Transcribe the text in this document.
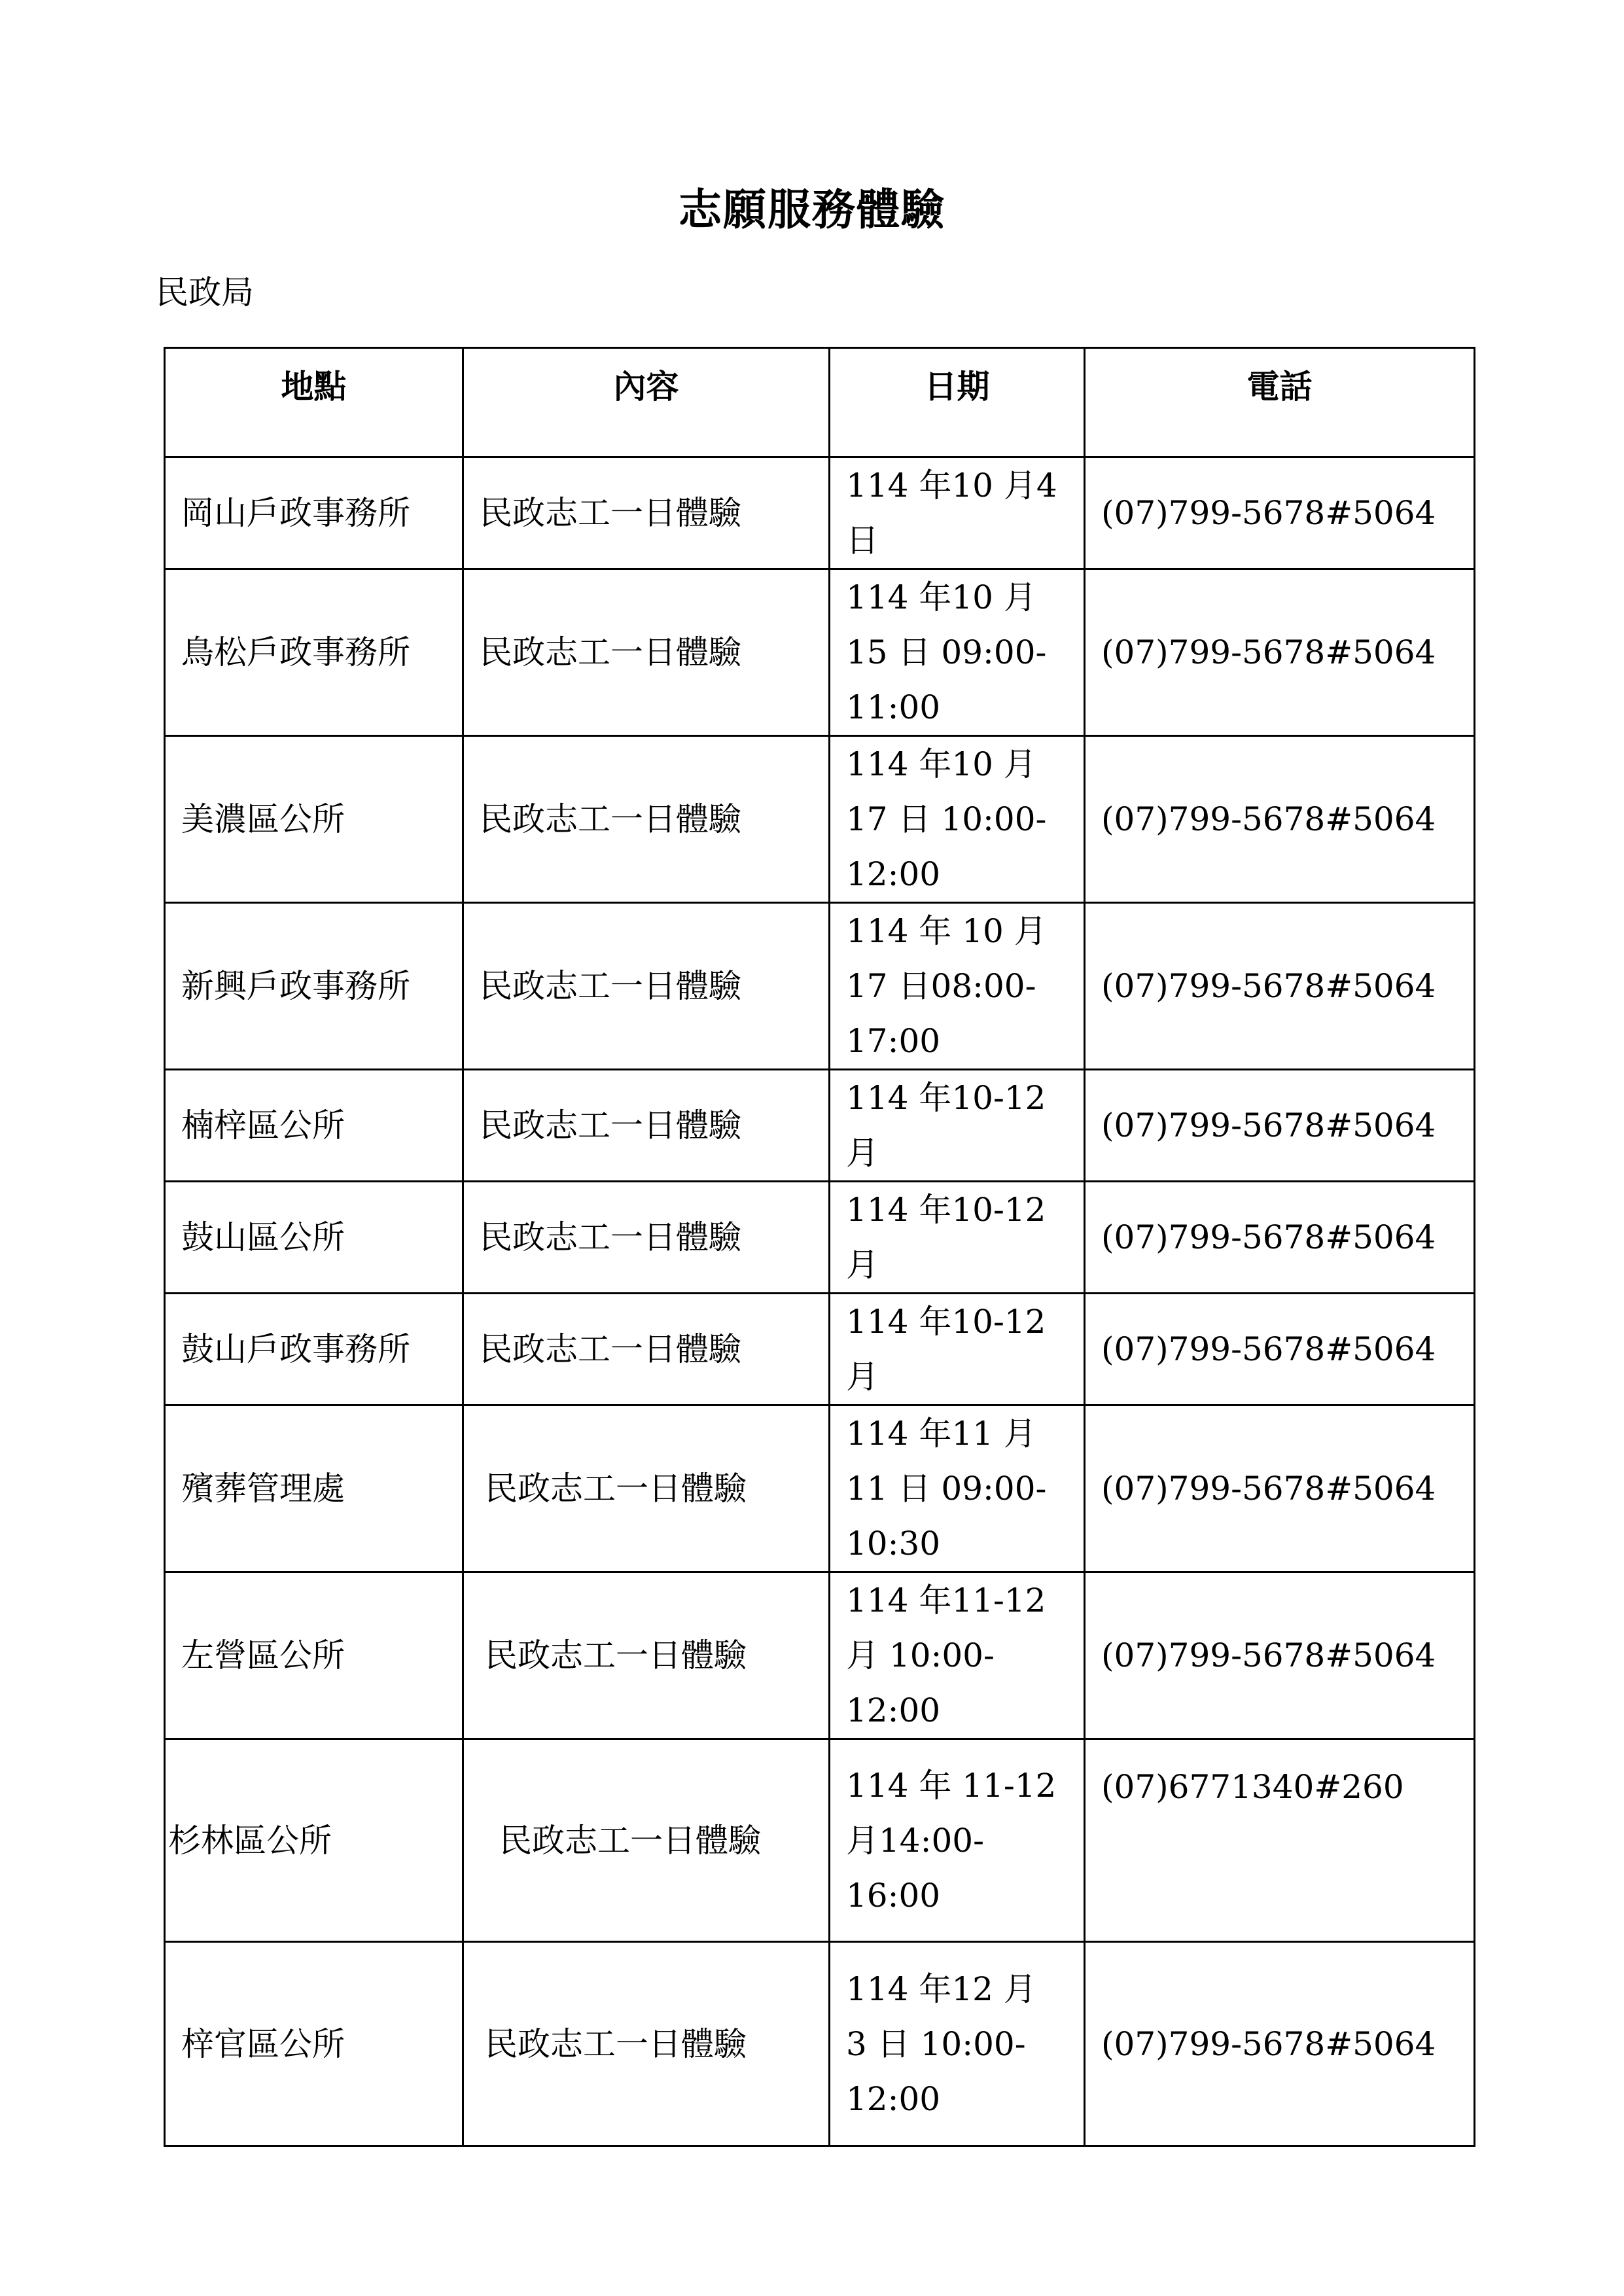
志願服務體驗
民政局
地點	內容	日期	電話
岡山戶政事務所	民政志工一日體驗	114 年10 月4
日	(07)799-5678#5064
鳥松戶政事務所	民政志工一日體驗	114 年10 月
15 日 09:00-
11:00	(07)799-5678#5064
美濃區公所	民政志工一日體驗	114 年10 月
17 日 10:00-
12:00	(07)799-5678#5064
新興戶政事務所	民政志工一日體驗	114 年 10 月
17 日08:00-
17:00	(07)799-5678#5064
楠梓區公所	民政志工一日體驗	114 年10-12
月	(07)799-5678#5064
鼓山區公所	民政志工一日體驗	114 年10-12
月	(07)799-5678#5064
鼓山戶政事務所	民政志工一日體驗	114 年10-12
月	(07)799-5678#5064
殯葬管理處	民政志工一日體驗	114 年11 月
11 日 09:00-
10:30	(07)799-5678#5064
左營區公所	民政志工一日體驗	114 年11-12
月 10:00-
12:00	(07)799-5678#5064
杉林區公所	民政志工一日體驗	114 年 11-12
月14:00-
16:00	(07)6771340#260
梓官區公所	民政志工一日體驗	114 年12 月
3 日 10:00-
12:00	(07)799-5678#5064
